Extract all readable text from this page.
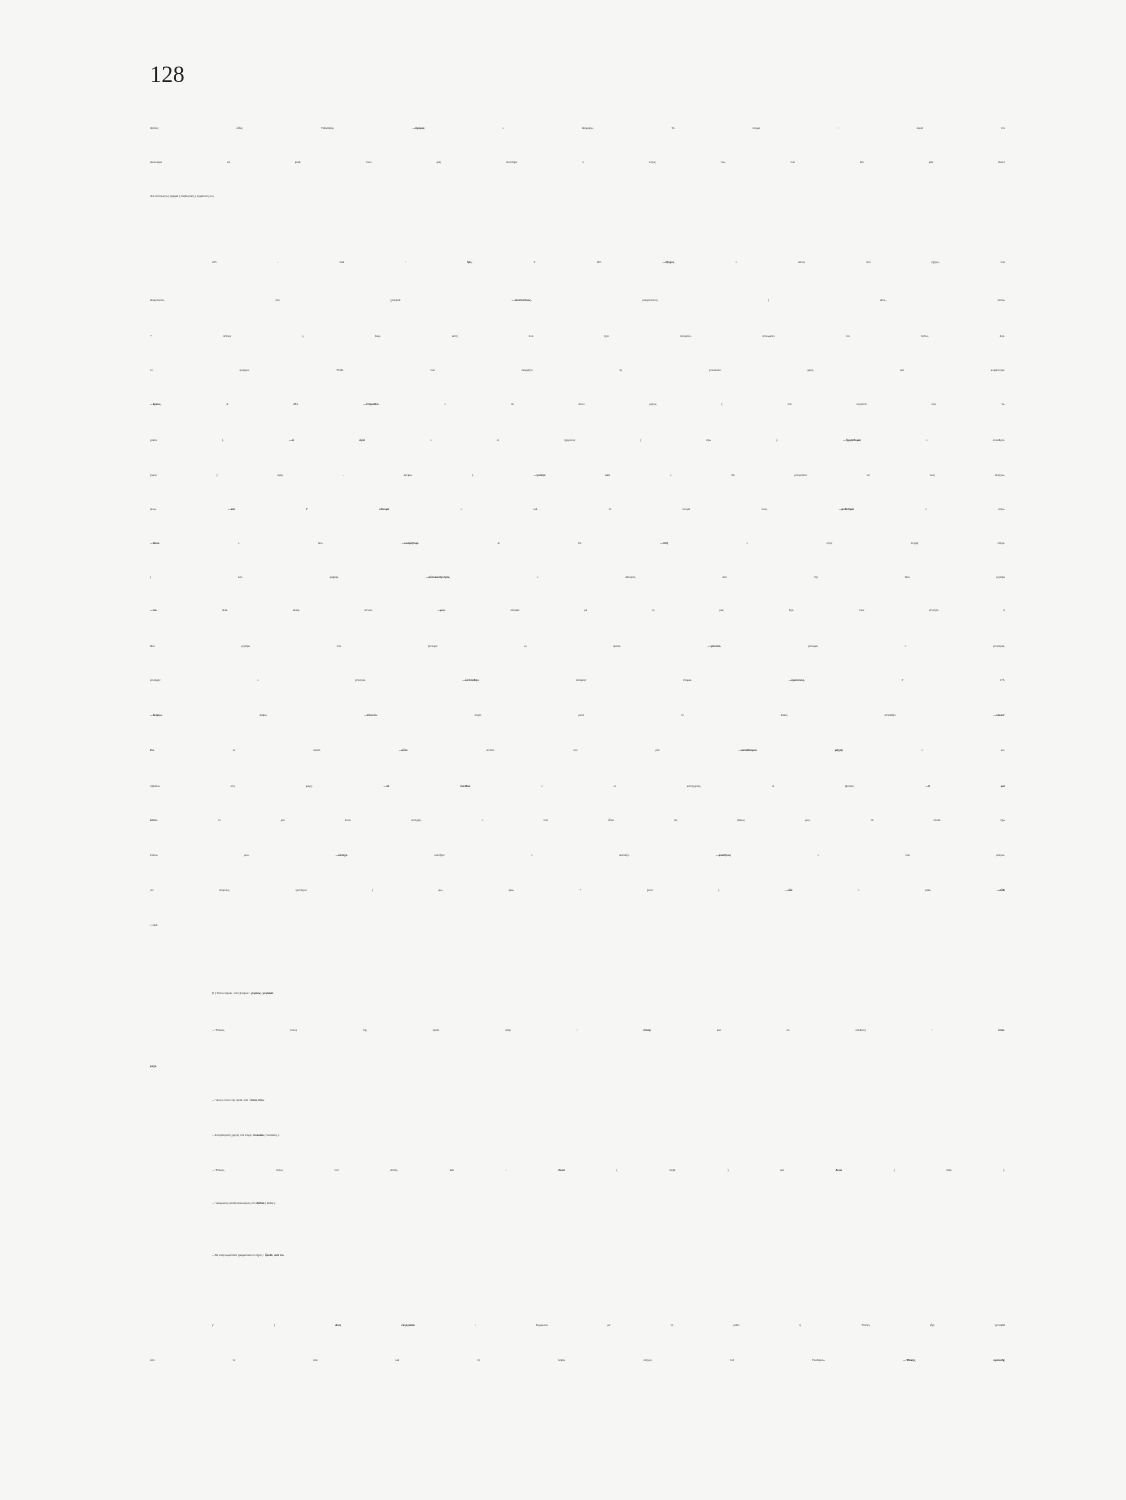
128
ἰδόντες εἶδος ’Οδυσσῆος. —ἄγαμαι = θαυμάζω. Τό νόημα : ἀφοῦ τόν
ἀκούσαμε νά μιλᾶ, τόσο μᾶς συνεπῆρε ὁ λόγος του, πού δέν μᾶς ἔκανε
πιά ἐντύπωση ἡ γεραρὰ ( ἐπιβλητική ), ἐμφάνισή του.
225 - 244 : ἠύς· Γ 167. —ἔξοχος = αὐτός πού ἐξέχει, πού
διακρίνεται, πού ξεπερνᾶ. —τανύπεπλος· μακρόπεπλη ( τάνυ-, τανύω
+ πέπλος ), Κυρ. αὐτή πού ἔχει τεταμένο, ἁπλωμένο τόν πέπλο, δηλ.
τό φόρεμα. ’Επίθ. πού ἐκφράζει τή γυναικεία χάρη καί κομψότητα.
—ἕρκος· Α 284. —ἑτέρωθεν· = σέ ἄλλο μέρος ( τοῦ στρατοῦ τῶν ’Α-
χαιῶν ). —οἱ ἀγοὶ = οἱ ἡγεμόνες ( ἄγω ). —ἡγερέθομαι = συναθροί-
ζομαι ( ἀγερ - ἀγείρω ). —γνοίην κεν = θά μποροῦσα νά τούς ἀναγνω-
ρίσω. —καί τ’ οὔνομα = καί τό ὄνομά τους. —μυθοῦμαι = λέγω.
—δοιώ = δύο. —κοσμήτωρ· Α 16. —πὺξ = στήν πυγμή· ἐπίρρ.
( λατ. pugna). —αὐτοκασίγνητος = ἀδελφός ἀπό τήν ἴδια μητέρα
—τώ· δυϊκ. ἀναφ. ἀντων. —μοι· σύναψε μέ τό μία, δηλ. τούς γέννησε ἡ
ἴδια μητέρα πού γέννησε κι ἐμένα. —γείνατο· γείνομαι = γεννιέμαι,
γεινάμην = γέννησα. —ἐσπέσθην· ἑσπόμην· ἕπομαι. —ἐρατεινός· Γ 175.
—δεύρω· δεῦρο. —ἕποντο· πληθ. μετά τό δυϊκό ἐσπέσθην. —νέεσσ’
ἔνι· ἐν ναυσί. —αὖτε· ἀντίστ. στό μέν. —καταδύομαι μάχην = κα-
τεβαίνω στή μάχη. —τά ὀνείδεα = οἱ κατηγορίες, οἱ βρισιές. —ἅ μοί
ἐστιν· τό μοι δοτκ. ἀντιχαρ. = πού εἶναι εἰς βάρος μου, τά ὁποῖα ἔχω
ἐπάνω μου. —κάτεχε· κατεῖχεν = σκέπαζε. —φυσίζοος = πού φυτρώ-
νει σπόρους, γεννήτρα ( φυ-, φύω + ζειαί ). —αἶα = γαῖα. —αὖθι
= ἐκεῖ.
β′ ) Τύποι παρακ. τοῦ γίγνομαι : γεγαώς, γεγάασι.
—’Επικός τύπος τῆς πρόθ. ὑπέρ : ὑπείρ καί σέ σύνθεση : ὑπεί-
ρεχε.
—’Αλλοι τύποι τῆς πρόθ. ὑπό : ὑπαί, ὕπο.
—Συνηθισμένη χρήση τοῦ ἐπιρρ. πολλάκι ( πολλάκις ).
—’Επικός τύπος τοῦ διττός, δύο : δοιοί ( πληθ. ) καί δοιώ ( δυϊκ ).
—’Ανώμαλος ἀναδιπλασιασμός στό δείδια ( δέδια ).
—Νά ἀναγνωριστοῦν γραμματικά οἱ λέξεις : ἤλυθε, σεῦ τώ.
γ′ ) Διός ἐκγεγαυῖα : Σύμφωνα μέ τό μύθο ἡ ‘Ελένη εἶχε γεννηθεῖ
ἀπό τό Δία καί τή Λήδα, σύζυγο τοῦ Τυνδάρεω. —’Ιθάκης κραναῆς
